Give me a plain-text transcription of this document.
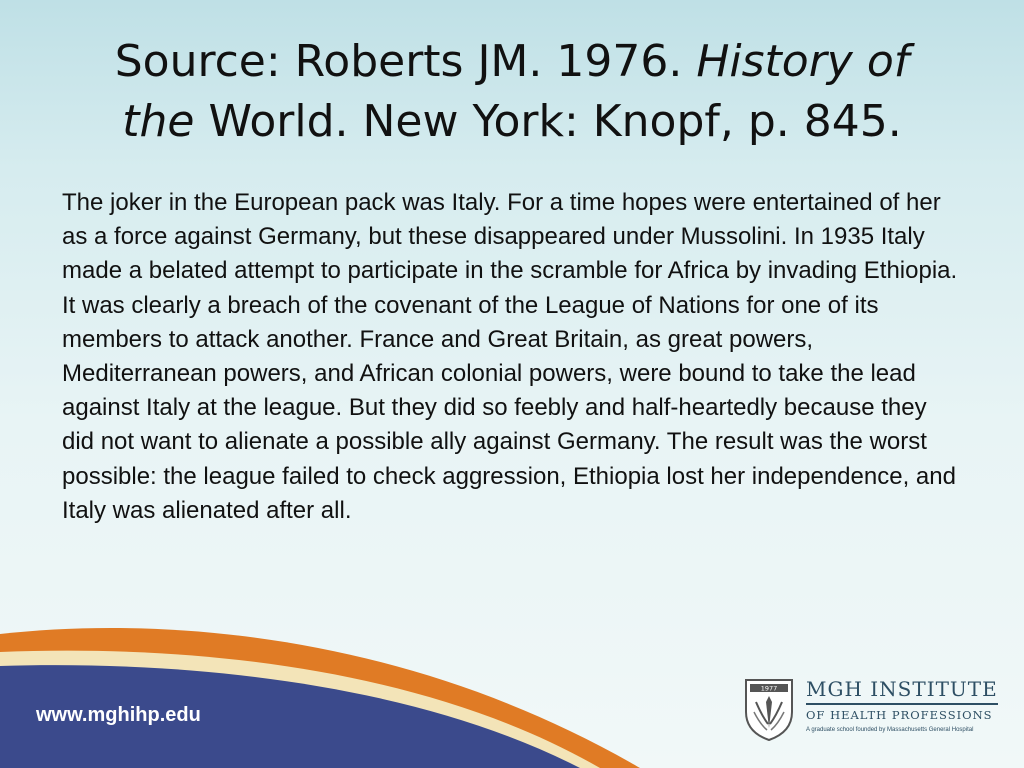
Source: Roberts JM. 1976. History of
the World. New York: Knopf, p. 845.
The joker in the European pack was Italy. For a time hopes were entertained of her as a force against Germany, but these disappeared under Mussolini. In 1935 Italy made a belated attempt to participate in the scramble for Africa by invading Ethiopia. It was clearly a breach of the covenant of the League of Nations for one of its members to attack another. France and Great Britain, as great powers, Mediterranean powers, and African colonial powers, were bound to take the lead against Italy at the league. But they did so feebly and half-heartedly because they did not want to alienate a possible ally against Germany. The result was the worst possible: the league failed to check aggression, Ethiopia lost her independence, and Italy was alienated after all.
www.mghihp.edu
1977 MGH INSTITUTE
OF HEALTH PROFESSIONS
A graduate school founded by Massachusetts General Hospital
